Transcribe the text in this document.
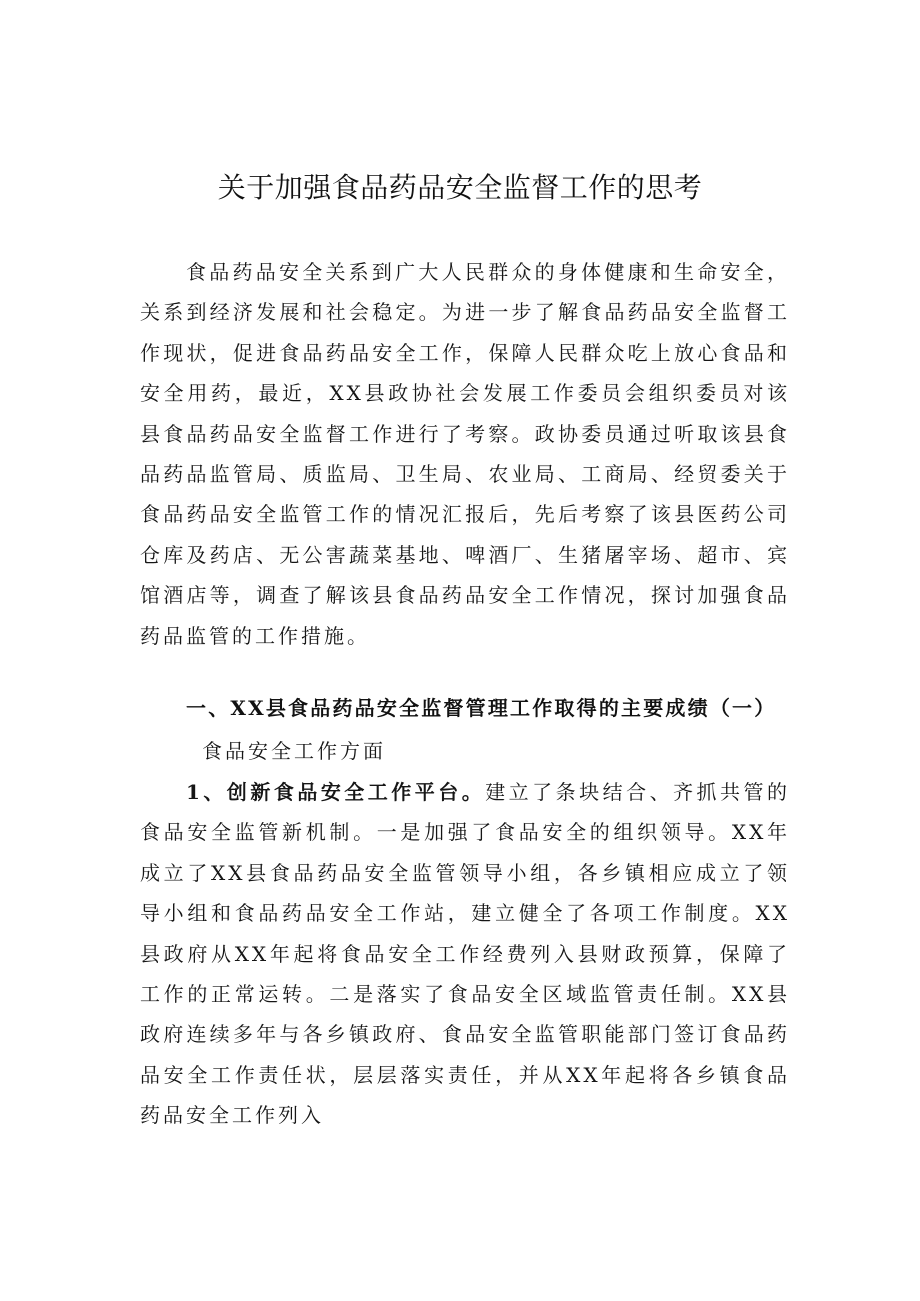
关于加强食品药品安全监督工作的思考
食品药品安全关系到广大人民群众的身体健康和生命安全，关系到经济发展和社会稳定。为进一步了解食品药品安全监督工作现状，促进食品药品安全工作，保障人民群众吃上放心食品和安全用药，最近，XX县政协社会发展工作委员会组织委员对该县食品药品安全监督工作进行了考察。政协委员通过听取该县食品药品监管局、质监局、卫生局、农业局、工商局、经贸委关于食品药品安全监管工作的情况汇报后，先后考察了该县医药公司仓库及药店、无公害蔬菜基地、啤酒厂、生猪屠宰场、超市、宾馆酒店等，调查了解该县食品药品安全工作情况，探讨加强食品药品监管的工作措施。
一、XX县食品药品安全监督管理工作取得的主要成绩（一）
食品安全工作方面
1、创新食品安全工作平台。建立了条块结合、齐抓共管的食品安全监管新机制。一是加强了食品安全的组织领导。XX年成立了XX县食品药品安全监管领导小组，各乡镇相应成立了领导小组和食品药品安全工作站，建立健全了各项工作制度。XX县政府从XX年起将食品安全工作经费列入县财政预算，保障了工作的正常运转。二是落实了食品安全区域监管责任制。XX县政府连续多年与各乡镇政府、食品安全监管职能部门签订食品药品安全工作责任状，层层落实责任，并从XX年起将各乡镇食品药品安全工作列入
